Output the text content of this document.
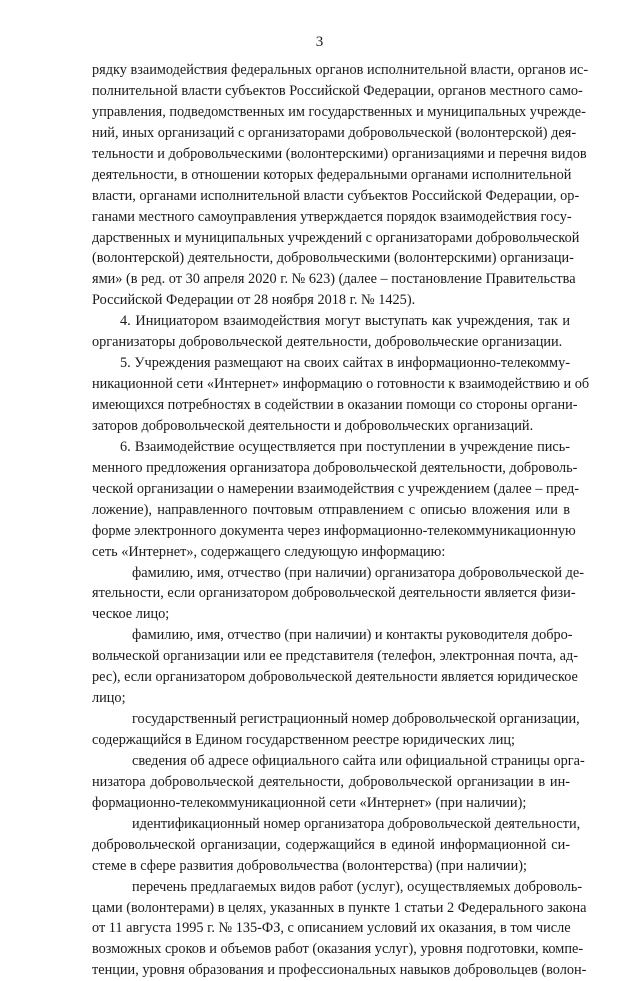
3
рядку взаимодействия федеральных органов исполнительной власти, органов ис-
полнительной власти субъектов Российской Федерации, органов местного само-
управления, подведомственных им государственных и муниципальных учрежде-
ний, иных организаций с организаторами добровольческой (волонтерской) дея-
тельности и добровольческими (волонтерскими) организациями и перечня видов
деятельности, в отношении которых федеральными органами исполнительной
власти, органами исполнительной власти субъектов Российской Федерации, ор-
ганами местного самоуправления утверждается порядок взаимодействия госу-
дарственных и муниципальных учреждений с организаторами добровольческой
(волонтерской) деятельности, добровольческими (волонтерскими) организаци-
ями» (в ред. от 30 апреля 2020 г. № 623) (далее – постановление Правительства
Российской Федерации от 28 ноября 2018 г. № 1425).
4. Инициатором взаимодействия могут выступать как учреждения, так и
организаторы добровольческой деятельности, добровольческие организации.
5. Учреждения размещают на своих сайтах в информационно-телекомму-
никационной сети «Интернет» информацию о готовности к взаимодействию и об
имеющихся потребностях в содействии в оказании помощи со стороны органи-
заторов добровольческой деятельности и добровольческих организаций.
6. Взаимодействие осуществляется при поступлении в учреждение пись-
менного предложения организатора добровольческой деятельности, доброволь-
ческой организации о намерении взаимодействия с учреждением (далее – пред-
ложение), направленного почтовым отправлением с описью вложения или в
форме электронного документа через информационно-телекоммуникационную
сеть «Интернет», содержащего следующую информацию:
фамилию, имя, отчество (при наличии) организатора добровольческой де-
ятельности, если организатором добровольческой деятельности является физи-
ческое лицо;
фамилию, имя, отчество (при наличии) и контакты руководителя добро-
вольческой организации или ее представителя (телефон, электронная почта, ад-
рес), если организатором добровольческой деятельности является юридическое
лицо;
государственный регистрационный номер добровольческой организации,
содержащийся в Едином государственном реестре юридических лиц;
сведения об адресе официального сайта или официальной страницы орга-
низатора добровольческой деятельности, добровольческой организации в ин-
формационно-телекоммуникационной сети «Интернет» (при наличии);
идентификационный номер организатора добровольческой деятельности,
добровольческой организации, содержащийся в единой информационной си-
стеме в сфере развития добровольчества (волонтерства) (при наличии);
перечень предлагаемых видов работ (услуг), осуществляемых доброволь-
цами (волонтерами) в целях, указанных в пункте 1 статьи 2 Федерального закона
от 11 августа 1995 г. № 135-ФЗ, с описанием условий их оказания, в том числе
возможных сроков и объемов работ (оказания услуг), уровня подготовки, компе-
тенции, уровня образования и профессиональных навыков добровольцев (волон-
